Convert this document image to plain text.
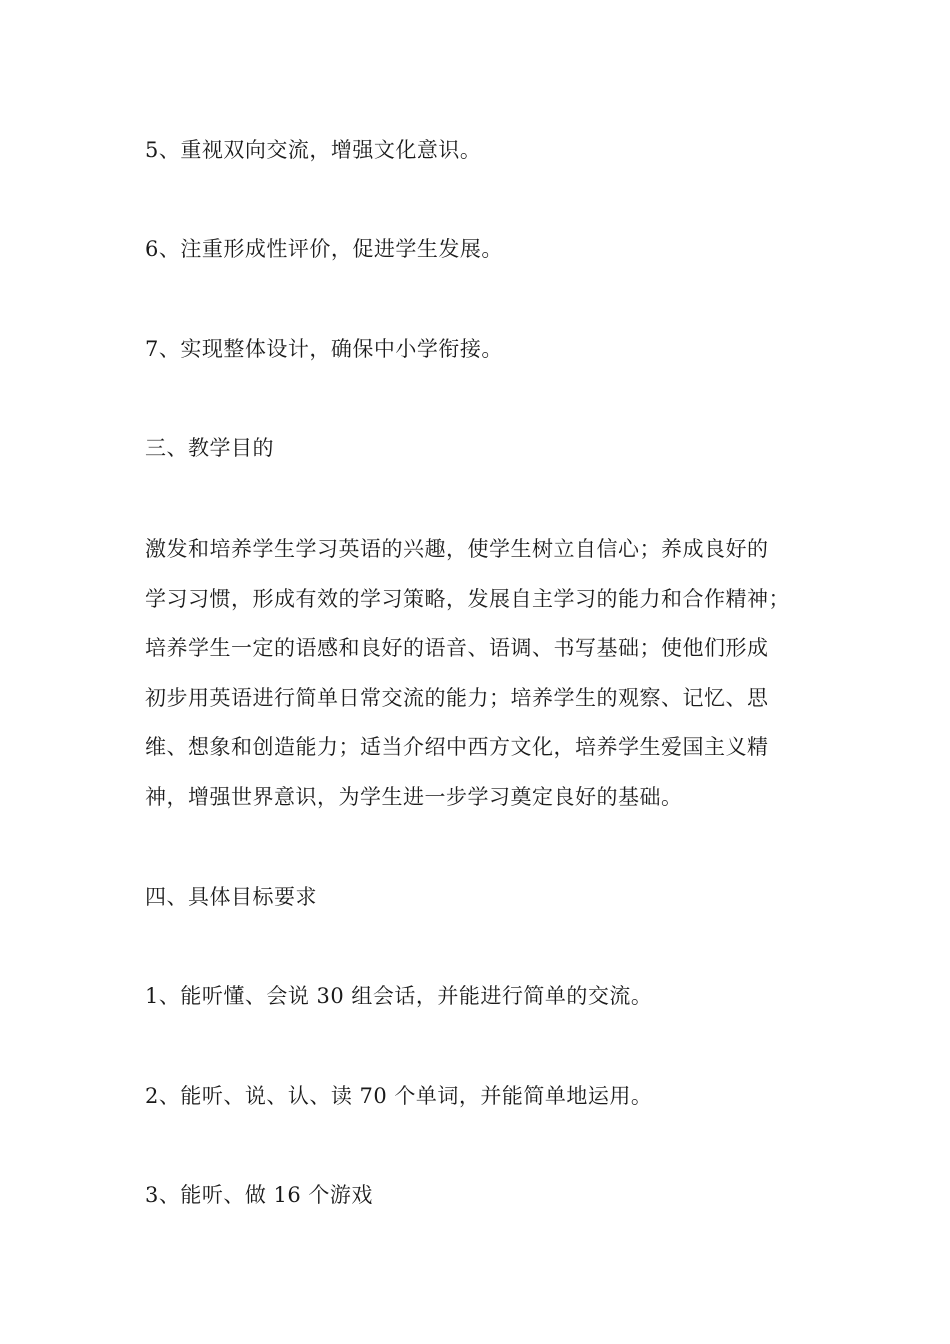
5、重视双向交流，增强文化意识。
6、注重形成性评价，促进学生发展。
7、实现整体设计，确保中小学衔接。
三、教学目的
激发和培养学生学习英语的兴趣，使学生树立自信心；养成良好的
学习习惯，形成有效的学习策略，发展自主学习的能力和合作精神；
培养学生一定的语感和良好的语音、语调、书写基础；使他们形成
初步用英语进行简单日常交流的能力；培养学生的观察、记忆、思
维、想象和创造能力；适当介绍中西方文化，培养学生爱国主义精
神，增强世界意识，为学生进一步学习奠定良好的基础。
四、具体目标要求
1、能听懂、会说 30 组会话，并能进行简单的交流。
2、能听、说、认、读 70 个单词，并能简单地运用。
3、能听、做 16 个游戏
